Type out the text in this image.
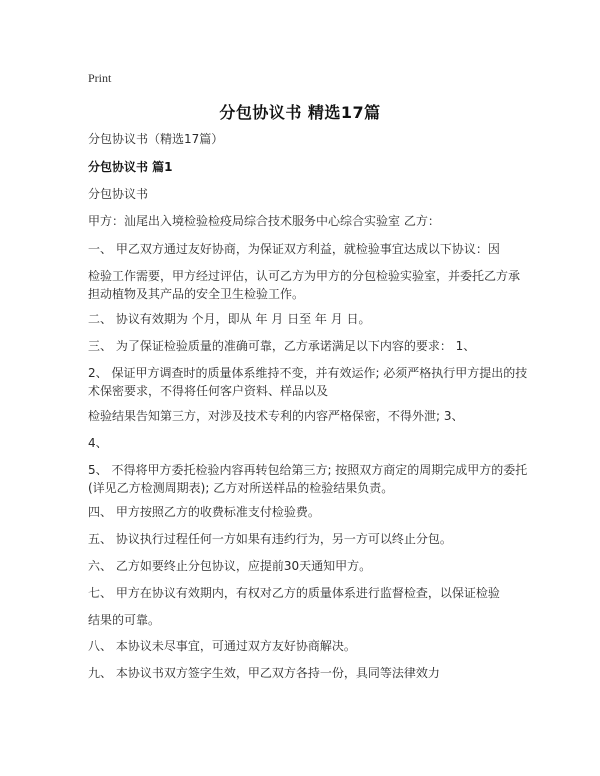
Print
分包协议书 精选17篇
分包协议书（精选17篇）
分包协议书 篇1
分包协议书
甲方：汕尾出入境检验检疫局综合技术服务中心综合实验室 乙方：
一、 甲乙双方通过友好协商，为保证双方利益，就检验事宜达成以下协议：因
检验工作需要，甲方经过评估，认可乙方为甲方的分包检验实验室，并委托乙方承担动植物及其产品的安全卫生检验工作。
二、 协议有效期为 个月，即从 年 月 日至 年 月 日。
三、 为了保证检验质量的准确可靠，乙方承诺满足以下内容的要求： 1、
2、 保证甲方调查时的质量体系维持不变，并有效运作; 必须严格执行甲方提出的技术保密要求，不得将任何客户资料、样品以及
检验结果告知第三方，对涉及技术专利的内容严格保密，不得外泄; 3、
4、
5、 不得将甲方委托检验内容再转包给第三方; 按照双方商定的周期完成甲方的委托(详见乙方检测周期表); 乙方对所送样品的检验结果负责。
四、 甲方按照乙方的收费标准支付检验费。
五、 协议执行过程任何一方如果有违约行为，另一方可以终止分包。
六、 乙方如要终止分包协议，应提前30天通知甲方。
七、 甲方在协议有效期内，有权对乙方的质量体系进行监督检查，以保证检验
结果的可靠。
八、 本协议未尽事宜，可通过双方友好协商解决。
九、 本协议书双方签字生效，甲乙双方各持一份，具同等法律效力
